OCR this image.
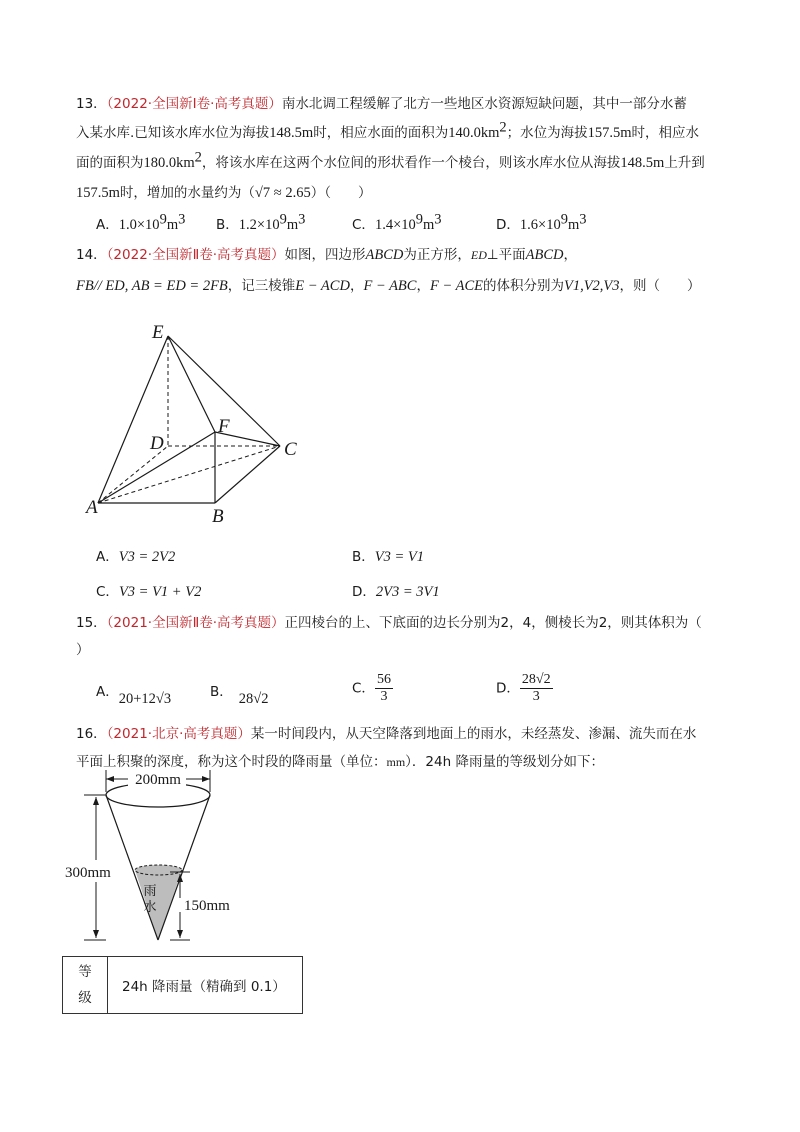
13．（2022·全国新Ⅰ卷·高考真题）南水北调工程缓解了北方一些地区水资源短缺问题，其中一部分水蓄
入某水库.已知该水库水位为海拔148.5m时，相应水面的面积为$140.0km^2$；水位为海拔157.5m时，相应水
面的面积为$180.0km^2$，将该水库在这两个水位间的形状看作一个棱台，则该水库水位从海拔148.5m上升到
157.5m时，增加的水量约为（√7 ≈ 2.65）（　　）
A．$1.0\times 10^9m^3$ B．$1.2\times 10^9m^3$	C．$1.4\times 10^9m^3$	D．$1.6\times 10^9m^3$
14．（2022·全国新Ⅱ卷·高考真题）如图，四边形ABCD为正方形，ED⊥平面ABCD，
FB// ED, AB = ED = 2FB，记三棱锥E − ACD，F − ABC，F − ACE的体积分别为V1,V2,V3，则（　　）
E
F
D	C
A	B
A．V3 = 2V2	B．V3 = V1
C．V3 = V1 + V2	D．2V3 = 3V1
15．（2021·全国新Ⅱ卷·高考真题）正四棱台的上、下底面的边长分别为2，4，侧棱长为2，则其体积为（
）
A．20+12√3	B． 28√2
C． $\frac{56}{3}$	D． $\frac{28√2}{3}$
16．（2021·北京·高考真题）某一时间段内，从天空降落到地面上的雨水，未经蒸发、渗漏、流失而在水
平面上积聚的深度，称为这个时段的降雨量（单位：mm）．24h 降雨量的等级划分如下：
200mm
300mm
150mm
雨水
等级	24h 降雨量（精确到 0.1）
